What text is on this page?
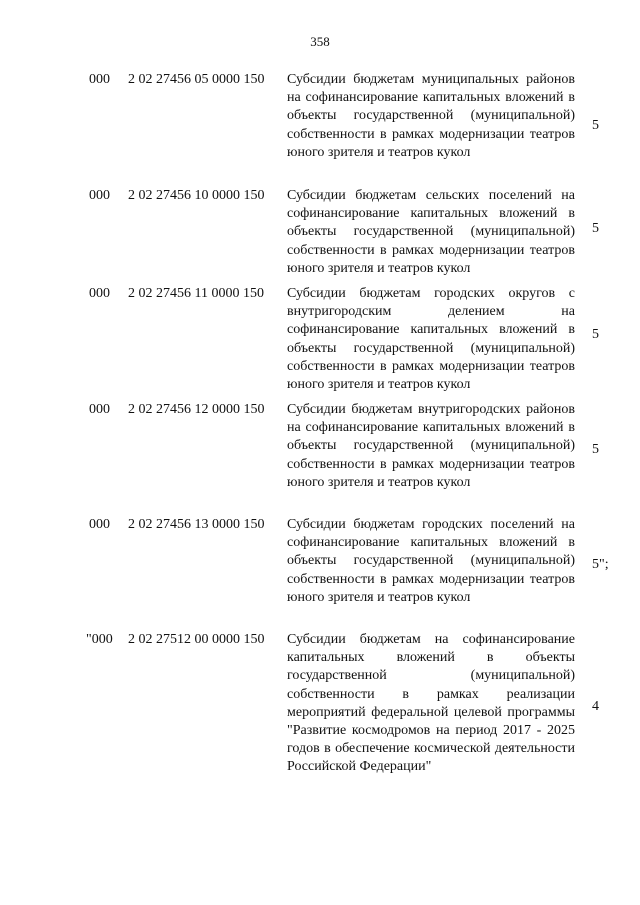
358
000 2 02 27456 05 0000 150 Субсидии бюджетам муниципальных районов на софинансирование капитальных вложений в объекты государственной (муниципальной) собственности в рамках модернизации театров юного зрителя и театров кукол
5
000 2 02 27456 10 0000 150 Субсидии бюджетам сельских поселений на софинансирование капитальных вложений в объекты государственной (муниципальной) собственности в рамках модернизации театров юного зрителя и театров кукол
5
000 2 02 27456 11 0000 150 Субсидии бюджетам городских округов с внутригородским делением на софинансирование капитальных вложений в объекты государственной (муниципальной) собственности в рамках модернизации театров юного зрителя и театров кукол
5
000 2 02 27456 12 0000 150 Субсидии бюджетам внутригородских районов на софинансирование капитальных вложений в объекты государственной (муниципальной) собственности в рамках модернизации театров юного зрителя и театров кукол
5
000 2 02 27456 13 0000 150 Субсидии бюджетам городских поселений на софинансирование капитальных вложений в объекты государственной (муниципальной) собственности в рамках модернизации театров юного зрителя и театров кукол
5";
"000 2 02 27512 00 0000 150 Субсидии бюджетам на софинансирование капитальных вложений в объекты государственной (муниципальной) собственности в рамках реализации мероприятий федеральной целевой программы "Развитие космодромов на период 2017 - 2025 годов в обеспечение космической деятельности Российской Федерации"
4
